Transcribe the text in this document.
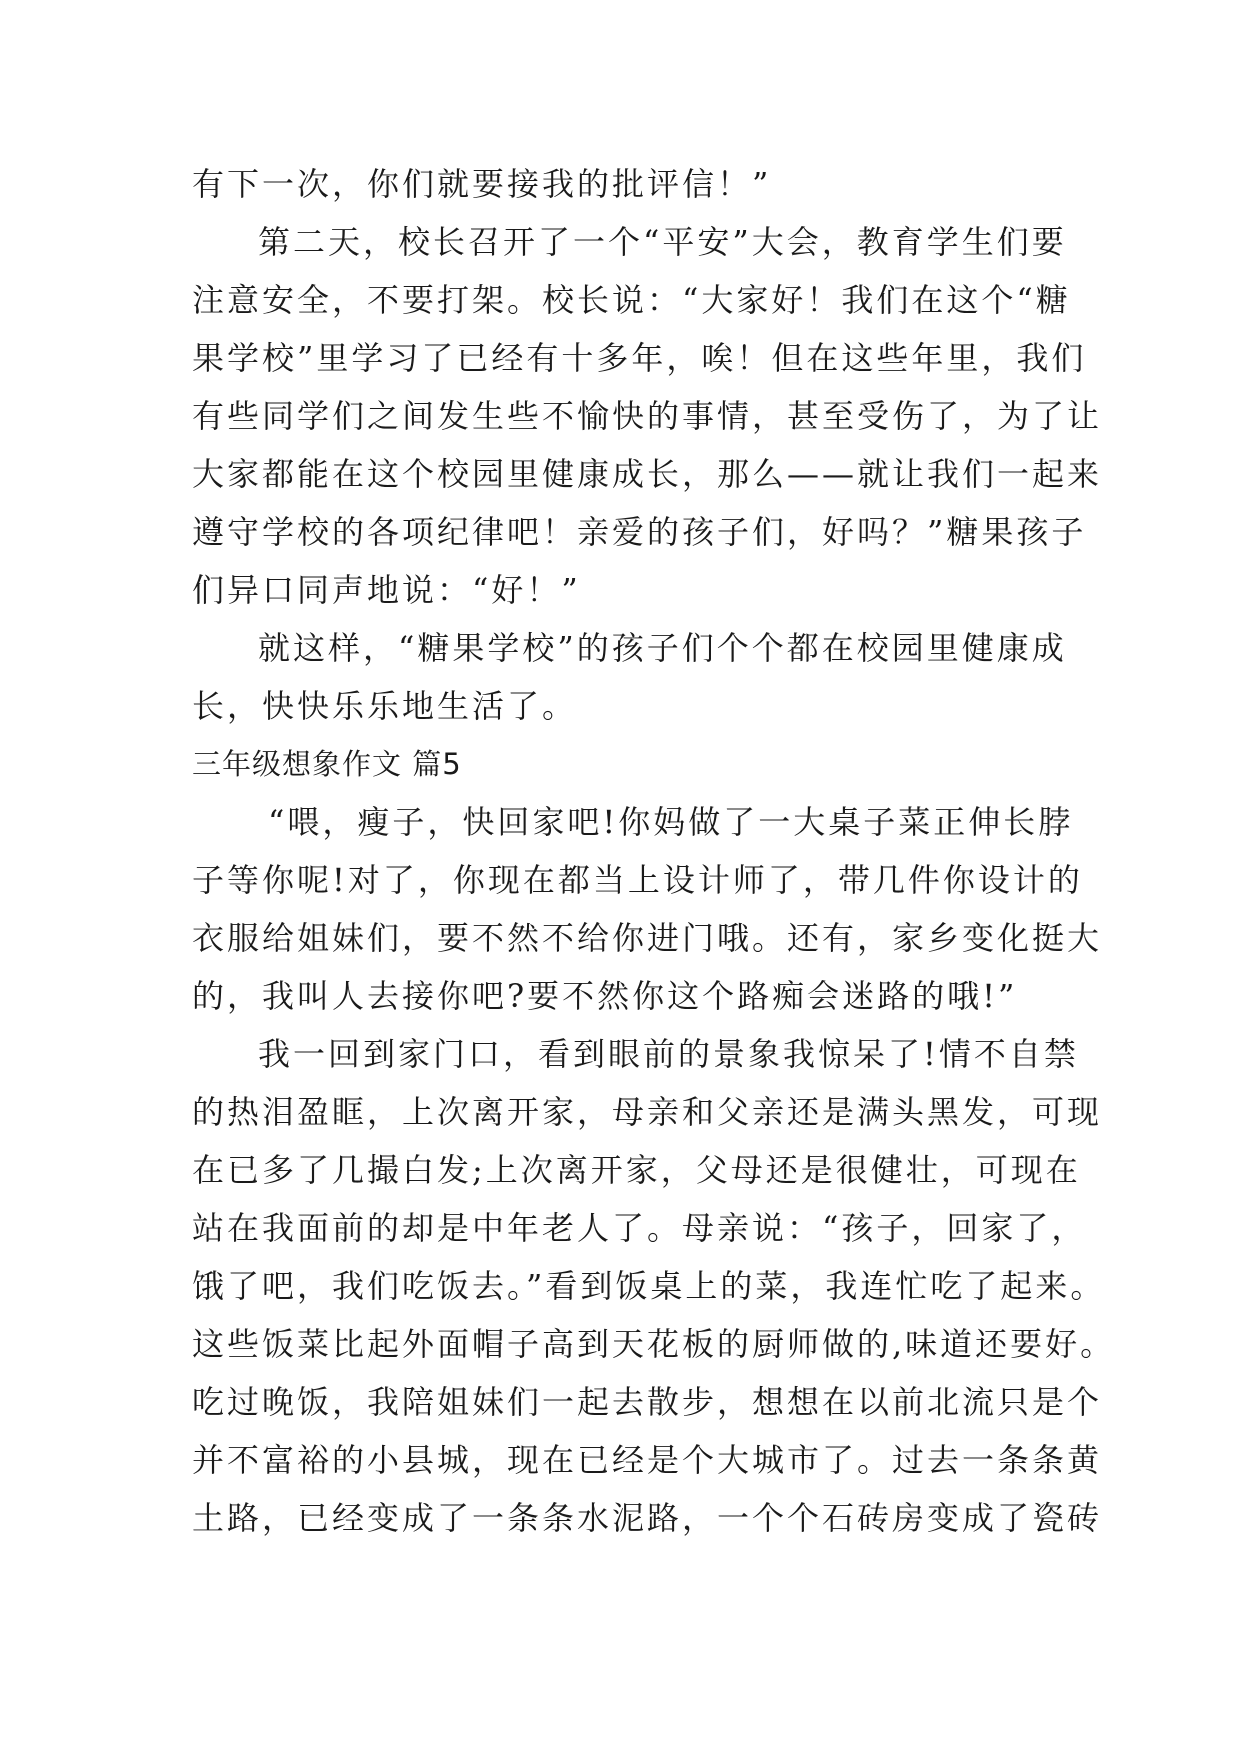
有下一次，你们就要接我的批评信！”
第二天，校长召开了一个“平安”大会，教育学生们要
注意安全，不要打架。校长说：“大家好！我们在这个“糖
果学校”里学习了已经有十多年，唉！但在这些年里，我们
有些同学们之间发生些不愉快的事情，甚至受伤了，为了让
大家都能在这个校园里健康成长，那么——就让我们一起来
遵守学校的各项纪律吧！亲爱的孩子们，好吗？”糖果孩子
们异口同声地说：“好！”
就这样，“糖果学校”的孩子们个个都在校园里健康成
长，快快乐乐地生活了。
三年级想象作文 篇5
“喂，瘦子，快回家吧!你妈做了一大桌子菜正伸长脖
子等你呢!对了，你现在都当上设计师了，带几件你设计的
衣服给姐妹们，要不然不给你进门哦。还有，家乡变化挺大
的，我叫人去接你吧?要不然你这个路痴会迷路的哦!”
我一回到家门口，看到眼前的景象我惊呆了!情不自禁
的热泪盈眶，上次离开家，母亲和父亲还是满头黑发，可现
在已多了几撮白发;上次离开家，父母还是很健壮，可现在
站在我面前的却是中年老人了。母亲说：“孩子，回家了，
饿了吧，我们吃饭去。”看到饭桌上的菜，我连忙吃了起来。
这些饭菜比起外面帽子高到天花板的厨师做的,味道还要好。
吃过晚饭，我陪姐妹们一起去散步，想想在以前北流只是个
并不富裕的小县城，现在已经是个大城市了。过去一条条黄
土路，已经变成了一条条水泥路，一个个石砖房变成了瓷砖
